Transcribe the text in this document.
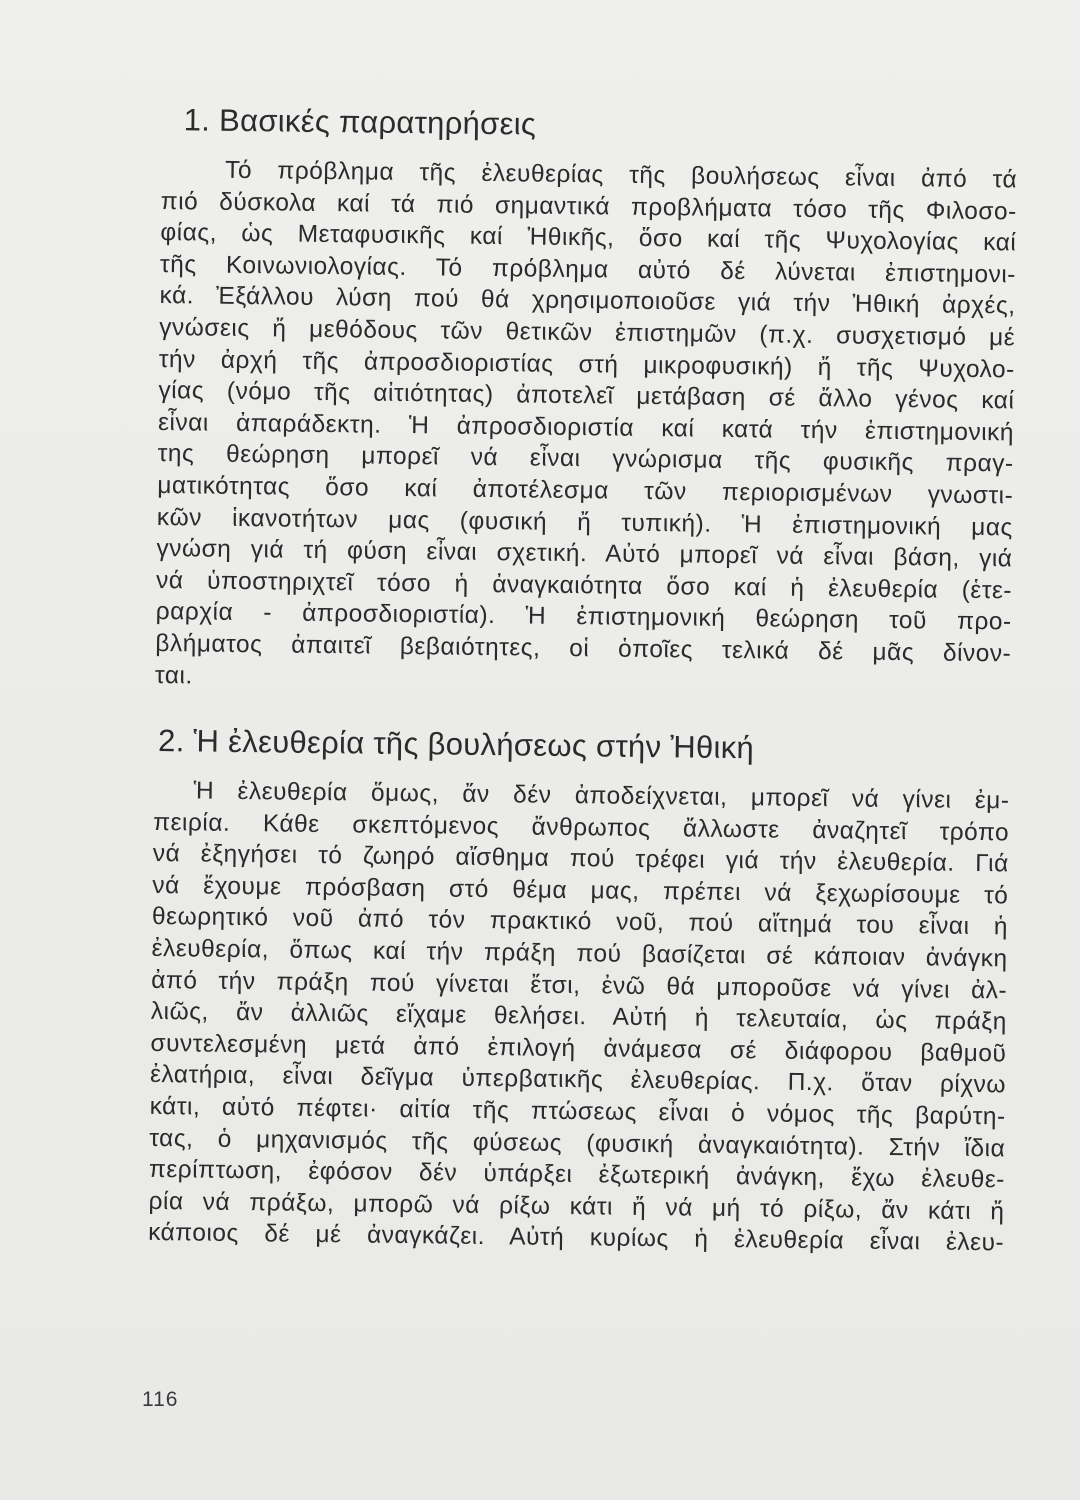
1. Βασικές παρατηρήσεις
Τό πρόβλημα τῆς ἐλευθερίας τῆς βουλήσεως εἶναι ἀπό τά
πιό δύσκολα καί τά πιό σημαντικά προβλήματα τόσο τῆς Φιλοσο-
φίας, ὡς Μεταφυσικῆς καί Ἠθικῆς, ὅσο καί τῆς Ψυχολογίας καί
τῆς Κοινωνιολογίας. Τό πρόβλημα αὐτό δέ λύνεται ἐπιστημονι-
κά. Ἐξάλλου λύση πού θά χρησιμοποιοῦσε γιά τήν Ἠθική ἀρχές,
γνώσεις ἤ μεθόδους τῶν θετικῶν ἐπιστημῶν (π.χ. συσχετισμό μέ
τήν ἀρχή τῆς ἀπροσδιοριστίας στή μικροφυσική) ἤ τῆς Ψυχολο-
γίας (νόμο τῆς αἰτιότητας) ἀποτελεῖ μετάβαση σέ ἄλλο γένος καί
εἶναι ἀπαράδεκτη. Ἡ ἀπροσδιοριστία καί κατά τήν ἐπιστημονική
της θεώρηση μπορεῖ νά εἶναι γνώρισμα τῆς φυσικῆς πραγ-
ματικότητας ὅσο καί ἀποτέλεσμα τῶν περιορισμένων γνωστι-
κῶν ἱκανοτήτων μας (φυσική ἤ τυπική). Ἡ ἐπιστημονική μας
γνώση γιά τή φύση εἶναι σχετική. Αὐτό μπορεῖ νά εἶναι βάση, γιά
νά ὑποστηριχτεῖ τόσο ἡ ἀναγκαιότητα ὅσο καί ἡ ἐλευθερία (ἑτε-
ραρχία - ἀπροσδιοριστία). Ἡ ἐπιστημονική θεώρηση τοῦ προ-
βλήματος ἀπαιτεῖ βεβαιότητες, οἱ ὁποῖες τελικά δέ μᾶς δίνον-
ται.
2. Ἡ ἐλευθερία τῆς βουλήσεως στήν Ἠθική
Ἡ ἐλευθερία ὅμως, ἄν δέν ἀποδείχνεται, μπορεῖ νά γίνει ἐμ-
πειρία. Κάθε σκεπτόμενος ἄνθρωπος ἄλλωστε ἀναζητεῖ τρόπο
νά ἐξηγήσει τό ζωηρό αἴσθημα πού τρέφει γιά τήν ἐλευθερία. Γιά
νά ἔχουμε πρόσβαση στό θέμα μας, πρέπει νά ξεχωρίσουμε τό
θεωρητικό νοῦ ἀπό τόν πρακτικό νοῦ, πού αἴτημά του εἶναι ἡ
ἐλευθερία, ὅπως καί τήν πράξη πού βασίζεται σέ κάποιαν ἀνάγκη
ἀπό τήν πράξη πού γίνεται ἔτσι, ἐνῶ θά μποροῦσε νά γίνει ἀλ-
λιῶς, ἄν ἀλλιῶς εἴχαμε θελήσει. Αὐτή ἡ τελευταία, ὡς πράξη
συντελεσμένη μετά ἀπό ἐπιλογή ἀνάμεσα σέ διάφορου βαθμοῦ
ἐλατήρια, εἶναι δεῖγμα ὑπερβατικῆς ἐλευθερίας. Π.χ. ὅταν ρίχνω
κάτι, αὐτό πέφτει· αἰτία τῆς πτώσεως εἶναι ὁ νόμος τῆς βαρύτη-
τας, ὁ μηχανισμός τῆς φύσεως (φυσική ἀναγκαιότητα). Στήν ἴδια
περίπτωση, ἐφόσον δέν ὑπάρξει ἐξωτερική ἀνάγκη, ἔχω ἐλευθε-
ρία νά πράξω, μπορῶ νά ρίξω κάτι ἤ νά μή τό ρίξω, ἄν κάτι ἤ
κάποιος δέ μέ ἀναγκάζει. Αὐτή κυρίως ἡ ἐλευθερία εἶναι ἐλευ-
116
